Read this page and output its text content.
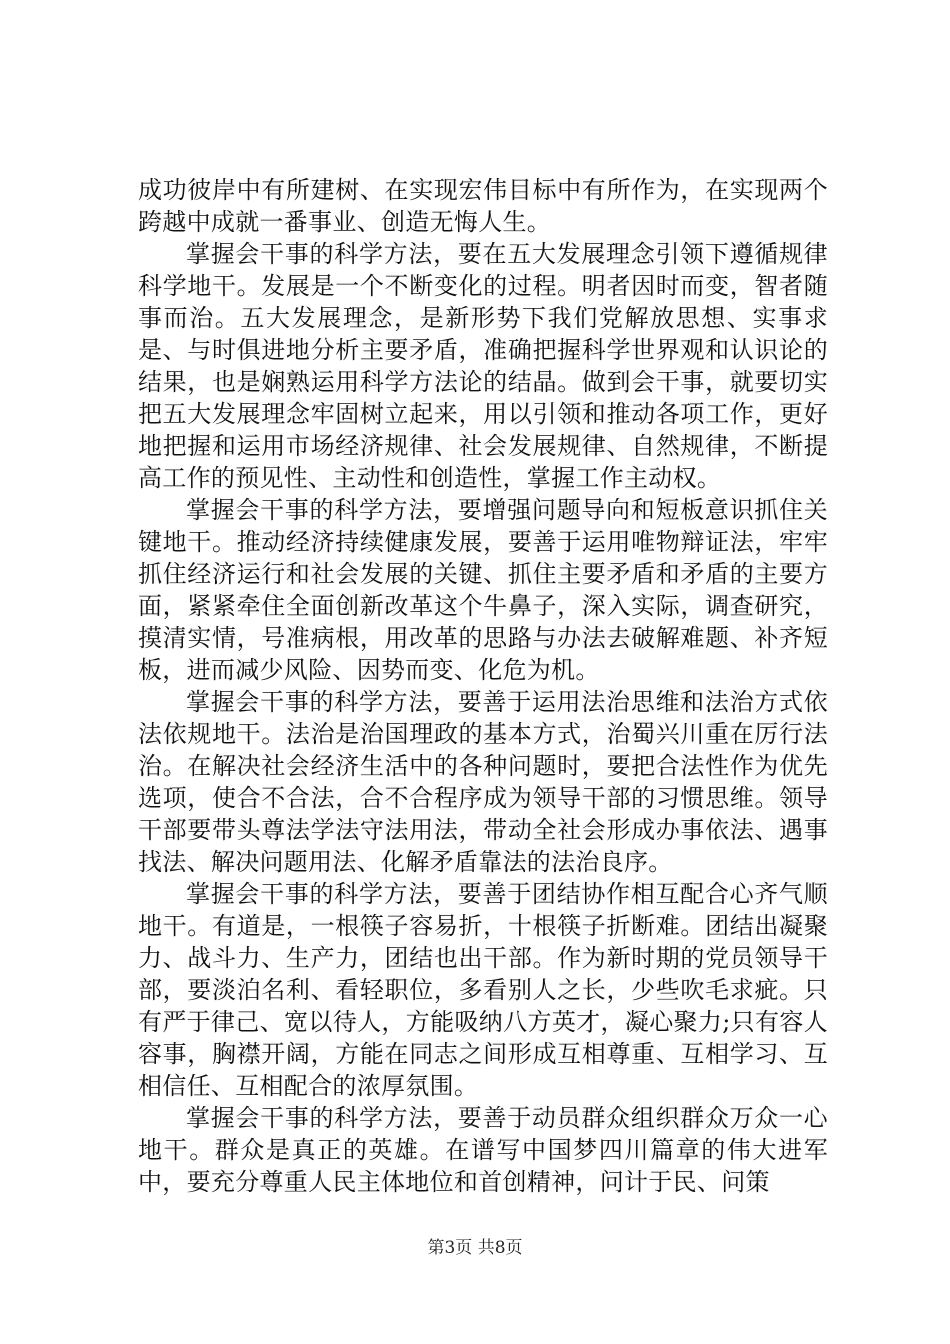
成功彼岸中有所建树、在实现宏伟目标中有所作为，在实现两个跨越中成就一番事业、创造无悔人生。

掌握会干事的科学方法，要在五大发展理念引领下遵循规律科学地干。发展是一个不断变化的过程。明者因时而变，智者随事而治。五大发展理念，是新形势下我们党解放思想、实事求是、与时俱进地分析主要矛盾，准确把握科学世界观和认识论的结果，也是娴熟运用科学方法论的结晶。做到会干事，就要切实把五大发展理念牢固树立起来，用以引领和推动各项工作，更好地把握和运用市场经济规律、社会发展规律、自然规律，不断提高工作的预见性、主动性和创造性，掌握工作主动权。

掌握会干事的科学方法，要增强问题导向和短板意识抓住关键地干。推动经济持续健康发展，要善于运用唯物辩证法，牢牢抓住经济运行和社会发展的关键、抓住主要矛盾和矛盾的主要方面，紧紧牵住全面创新改革这个牛鼻子，深入实际，调查研究，摸清实情，号准病根，用改革的思路与办法去破解难题、补齐短板，进而减少风险、因势而变、化危为机。

掌握会干事的科学方法，要善于运用法治思维和法治方式依法依规地干。法治是治国理政的基本方式，治蜀兴川重在厉行法治。在解决社会经济生活中的各种问题时，要把合法性作为优先选项，使合不合法，合不合程序成为领导干部的习惯思维。领导干部要带头尊法学法守法用法，带动全社会形成办事依法、遇事找法、解决问题用法、化解矛盾靠法的法治良序。

掌握会干事的科学方法，要善于团结协作相互配合心齐气顺地干。有道是，一根筷子容易折，十根筷子折断难。团结出凝聚力、战斗力、生产力，团结也出干部。作为新时期的党员领导干部，要淡泊名利、看轻职位，多看别人之长，少些吹毛求疵。只有严于律己、宽以待人，方能吸纳八方英才，凝心聚力;只有容人容事，胸襟开阔，方能在同志之间形成互相尊重、互相学习、互相信任、互相配合的浓厚氛围。

掌握会干事的科学方法，要善于动员群众组织群众万众一心地干。群众是真正的英雄。在谱写中国梦四川篇章的伟大进军中，要充分尊重人民主体地位和首创精神，问计于民、问策

第3页 共8页
